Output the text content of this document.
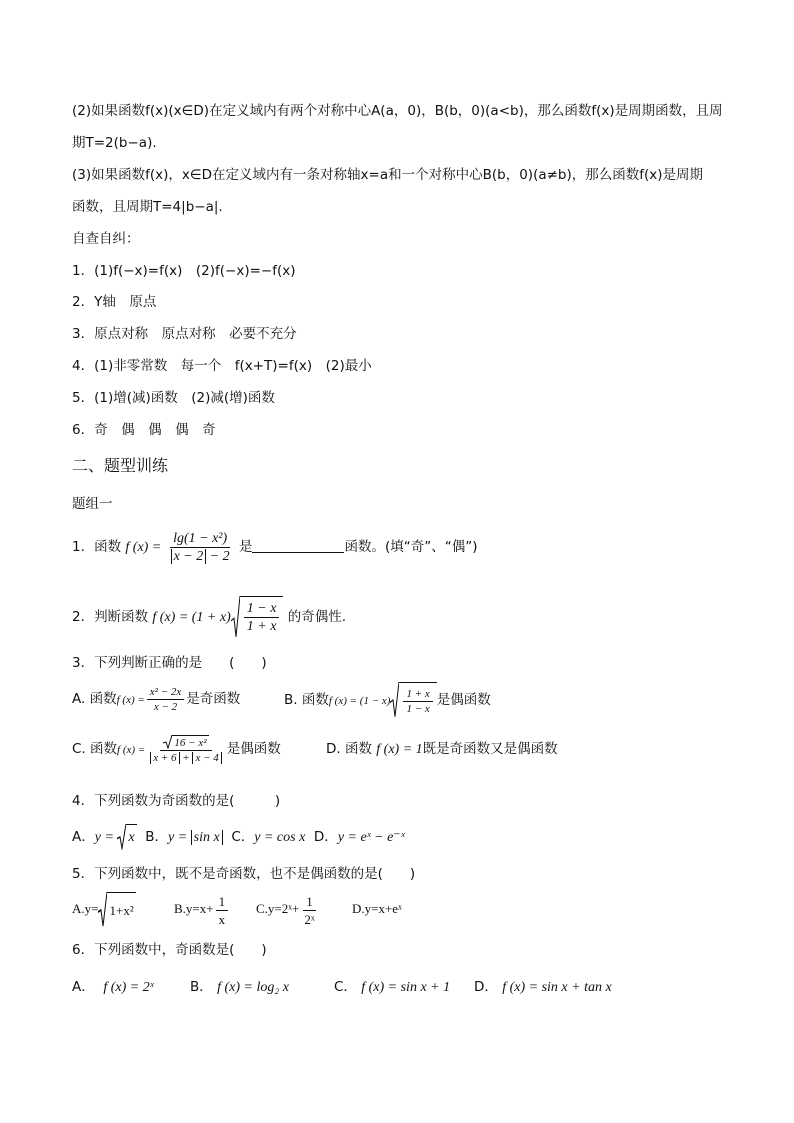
(2)如果函数f(x)(x∈D)在定义域内有两个对称中心A(a，0)，B(b，0)(a<b)，那么函数f(x)是周期函数，且周
期T=2(b−a).
(3)如果函数f(x)，x∈D在定义域内有一条对称轴x=a和一个对称中心B(b，0)(a≠b)，那么函数f(x)是周期
函数，且周期T=4|b−a|.
自查自纠：
1．(1)f(−x)=f(x)　(2)f(−x)=−f(x)
2．Y轴　原点
3．原点对称　原点对称　必要不充分
4．(1)非零常数　每一个　f(x+T)=f(x)　(2)最小
5．(1)增(减)函数　(2)减(增)函数
6．奇　偶　偶　偶　奇
二、题型训练
题组一
1．函数 f $(x) = \frac{\text{lg(1 − x²)}}{x - 2 - 2}$ 是	函数。(填“奇”、“偶”)
2．判断函数 f $(x) = (1 + x) \frac{1 - x}{1 + x}$ 的奇偶性.
3．下列判断正确的是　　(　　)
A. 函数f $(x) = \frac{\text{x² − 2x}}{x - 2}$ 是奇函数	B. 函数f $(x) = (1 - x) \frac{1 + x}{1 - x}$ 是偶函数
C. 函数f $(x) = \frac{\text{16 − x²}}{x + 6 + x - 4}$ 是偶函数	D. 函数 f (x) = 1既是奇函数又是偶函数
4．下列函数为奇函数的是(　　　)
A．y = x B．y = sin x C．y = cos x D．y = eˣ − e⁻ˣ
5．下列函数中，既不是奇函数，也不是偶函数的是(　　)
A.y= 1+x²	$B.y=x+ \frac{1}{x}$ C.y=2ˣ+ $\frac{1}{\text{2ˣ}}$	D.y=x+eˣ
6．下列函数中，奇函数是(　　)
A． f (x) = 2ˣ	B． f (x) = log₂ x	C． f (x) = sin x + 1 D． f (x) = sin x + tan x
